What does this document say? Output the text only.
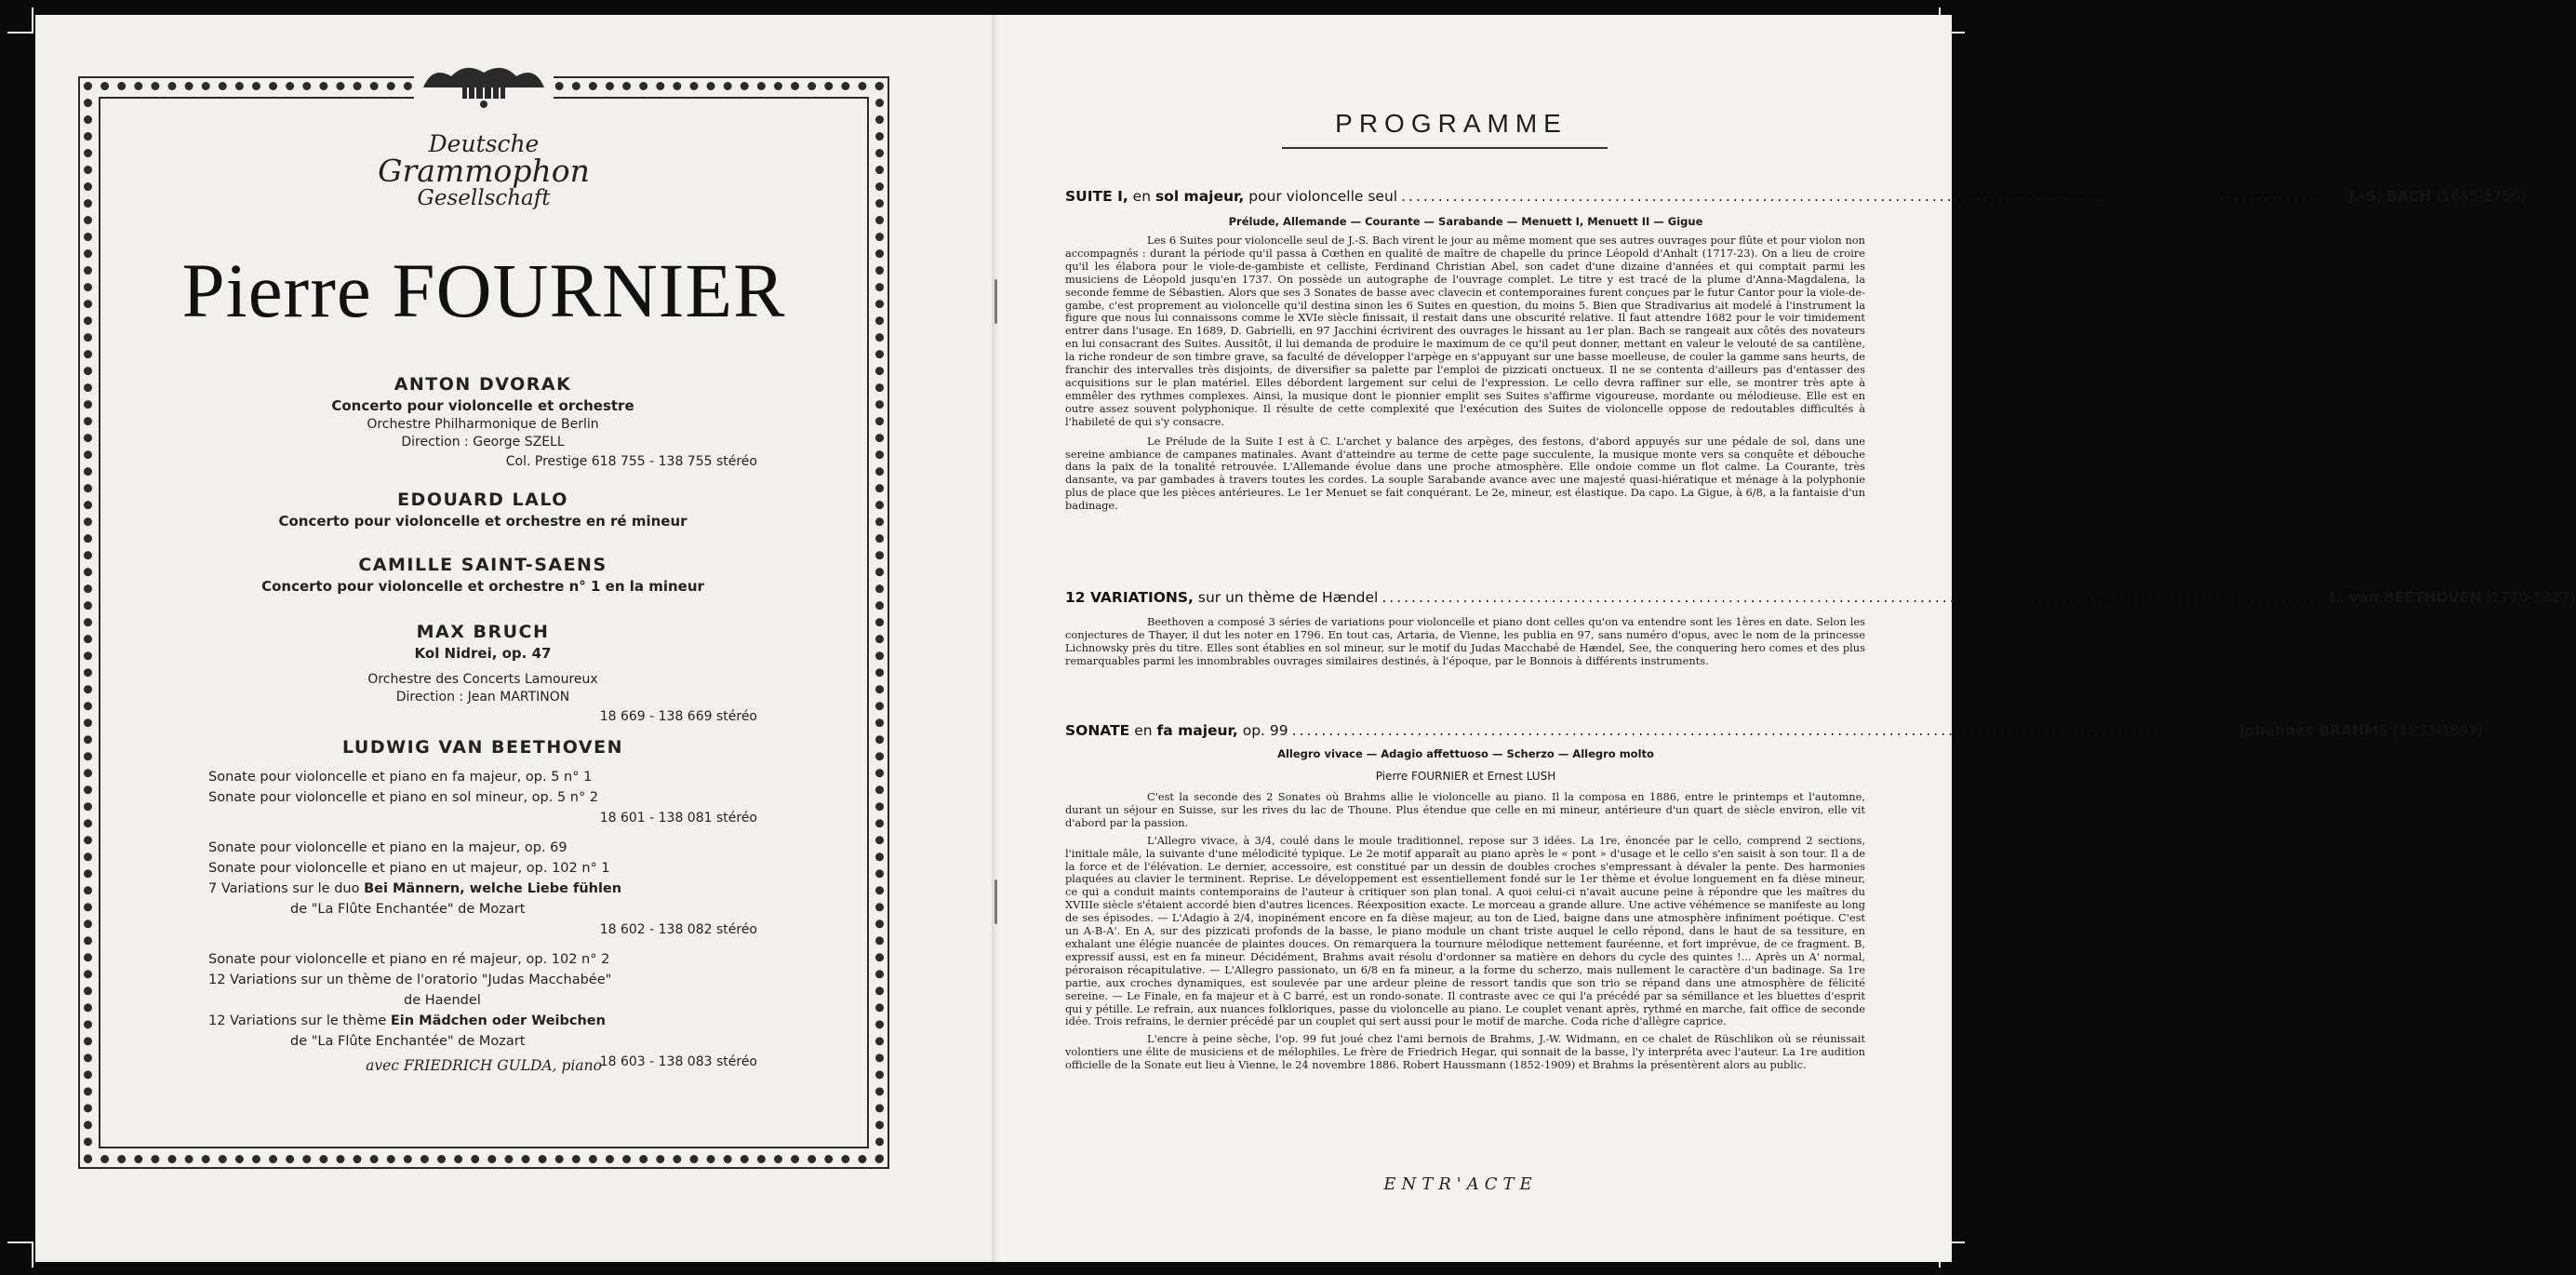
Deutsche
Grammophon
Gesellschaft
Pierre FOURNIER
ANTON DVORAK
Concerto pour violoncelle et orchestre
Orchestre Philharmonique de Berlin
Direction : George SZELL
Col. Prestige 618 755 - 138 755 stéréo
EDOUARD LALO
Concerto pour violoncelle et orchestre en ré mineur
CAMILLE SAINT-SAENS
Concerto pour violoncelle et orchestre n° 1 en la mineur
MAX BRUCH
Kol Nidrei, op. 47
Orchestre des Concerts Lamoureux
Direction : Jean MARTINON
18 669 - 138 669 stéréo
LUDWIG VAN BEETHOVEN
Sonate pour violoncelle et piano en fa majeur, op. 5 n° 1
Sonate pour violoncelle et piano en sol mineur, op. 5 n° 2
18 601 - 138 081 stéréo
Sonate pour violoncelle et piano en la majeur, op. 69
Sonate pour violoncelle et piano en ut majeur, op. 102 n° 1
7 Variations sur le duo Bei Männern, welche Liebe fühlen
de "La Flûte Enchantée" de Mozart
18 602 - 138 082 stéréo
Sonate pour violoncelle et piano en ré majeur, op. 102 n° 2
12 Variations sur un thème de l'oratorio "Judas Macchabée"
de Haendel
12 Variations sur le thème Ein Mädchen oder Weibchen
de "La Flûte Enchantée" de Mozart
18 603 - 138 083 stéréo
avec FRIEDRICH GULDA, piano
PROGRAMME
SUITE I, en sol majeur, pour violoncelle seul ................................................................................................................................ J.-S. BACH (1685-1750)
Prélude, Allemande — Courante — Sarabande — Menuett I, Menuett II — Gigue

Les 6 Suites pour violoncelle seul de J.-S. Bach virent le jour au même moment que ses autres ouvrages pour flûte et pour violon non accompagnés : durant la période qu'il passa à Cœthen en qualité de maître de chapelle du prince Léopold d'Anhalt (1717-23). On a lieu de croire qu'il les élabora pour le viole-de-gambiste et celliste, Ferdinand Christian Abel, son cadet d'une dizaine d'années et qui comptait parmi les musiciens de Léopold jusqu'en 1737. On possède un autographe de l'ouvrage complet. Le titre y est tracé de la plume d'Anna-Magdalena, la seconde femme de Sébastien. Alors que ses 3 Sonates de basse avec clavecin et contemporaines furent conçues par le futur Cantor pour la viole-de-gambe, c'est proprement au violoncelle qu'il destina sinon les 6 Suites en question, du moins 5. Bien que Stradivarius ait modelé à l'instrument la figure que nous lui connaissons comme le XVIe siècle finissait, il restait dans une obscurité relative. Il faut attendre 1682 pour le voir timidement entrer dans l'usage. En 1689, D. Gabrielli, en 97 Jacchini écrivirent des ouvrages le hissant au 1er plan. Bach se rangeait aux côtés des novateurs en lui consacrant des Suites. Aussitôt, il lui demanda de produire le maximum de ce qu'il peut donner, mettant en valeur le velouté de sa cantilène, la riche rondeur de son timbre grave, sa faculté de développer l'arpège en s'appuyant sur une basse moelleuse, de couler la gamme sans heurts, de franchir des intervalles très disjoints, de diversifier sa palette par l'emploi de pizzicati onctueux. Il ne se contenta d'ailleurs pas d'entasser des acquisitions sur le plan matériel. Elles débordent largement sur celui de l'expression. Le cello devra raffiner sur elle, se montrer très apte à emmêler des rythmes complexes. Ainsi, la musique dont le pionnier emplit ses Suites s'affirme vigoureuse, mordante ou mélodieuse. Elle est en outre assez souvent polyphonique. Il résulte de cette complexité que l'exécution des Suites de violoncelle oppose de redoutables difficultés à l'habileté de qui s'y consacre.

Le Prélude de la Suite I est à C. L'archet y balance des arpèges, des festons, d'abord appuyés sur une pédale de sol, dans une sereine ambiance de campanes matinales. Avant d'atteindre au terme de cette page succulente, la musique monte vers sa conquête et débouche dans la paix de la tonalité retrouvée. L'Allemande évolue dans une proche atmosphère. Elle ondoie comme un flot calme. La Courante, très dansante, va par gambades à travers toutes les cordes. La souple Sarabande avance avec une majesté quasi-hiératique et ménage à la polyphonie plus de place que les pièces antérieures. Le 1er Menuet se fait conquérant. Le 2e, mineur, est élastique. Da capo. La Gigue, à 6/8, a la fantaisie d'un badinage.

12 VARIATIONS, sur un thème de Hændel ................................................................................................................................ L. van BEETHOVEN (1770-1827)

Beethoven a composé 3 séries de variations pour violoncelle et piano dont celles qu'on va entendre sont les 1ères en date. Selon les conjectures de Thayer, il dut les noter en 1796. En tout cas, Artaria, de Vienne, les publia en 97, sans numéro d'opus, avec le nom de la princesse Lichnowsky près du titre. Elles sont établies en sol mineur, sur le motif du Judas Macchabé de Hændel, See, the conquering hero comes et des plus remarquables parmi les innombrables ouvrages similaires destinés, à l'époque, par le Bonnois à différents instruments.

SONATE en fa majeur, op. 99 ................................................................................................................................ Johannès BRAHMS (1833-1897)
Allegro vivace — Adagio affettuoso — Scherzo — Allegro molto
Pierre FOURNIER et Ernest LUSH

C'est la seconde des 2 Sonates où Brahms allie le violoncelle au piano. Il la composa en 1886, entre le printemps et l'automne, durant un séjour en Suisse, sur les rives du lac de Thoune. Plus étendue que celle en mi mineur, antérieure d'un quart de siècle environ, elle vit d'abord par la passion.

L'Allegro vivace, à 3/4, coulé dans le moule traditionnel, repose sur 3 idées. La 1re, énoncée par le cello, comprend 2 sections, l'initiale mâle, la suivante d'une mélodicité typique. Le 2e motif apparaît au piano après le « pont » d'usage et le cello s'en saisit à son tour. Il a de la force et de l'élévation. Le dernier, accessoire, est constitué par un dessin de doubles croches s'empressant à dévaler la pente. Des harmonies plaquées au clavier le terminent. Reprise. Le développement est essentiellement fondé sur le 1er thème et évolue longuement en fa dièse mineur, ce qui a conduit maints contemporains de l'auteur à critiquer son plan tonal. A quoi celui-ci n'avait aucune peine à répondre que les maîtres du XVIIIe siècle s'étaient accordé bien d'autres licences. Réexposition exacte. Le morceau a grande allure. Une active véhémence se manifeste au long de ses épisodes. — L'Adagio à 2/4, inopinément encore en fa dièse majeur, au ton de Lied, baigne dans une atmosphère infiniment poétique. C'est un A-B-A'. En A, sur des pizzicati profonds de la basse, le piano module un chant triste auquel le cello répond, dans le haut de sa tessiture, en exhalant une élégie nuancée de plaintes douces. On remarquera la tournure mélodique nettement fauréenne, et fort imprévue, de ce fragment. B, expressif aussi, est en fa mineur. Décidément, Brahms avait résolu d'ordonner sa matière en dehors du cycle des quintes !... Après un A' normal, péroraison récapitulative. — L'Allegro passionato, un 6/8 en fa mineur, a la forme du scherzo, mais nullement le caractère d'un badinage. Sa 1re partie, aux croches dynamiques, est soulevée par une ardeur pleine de ressort tandis que son trio se répand dans une atmosphère de félicité sereine. — Le Finale, en fa majeur et à C barré, est un rondo-sonate. Il contraste avec ce qui l'a précédé par sa sémillance et les bluettes d'esprit qui y pétille. Le refrain, aux nuances folkloriques, passe du violoncelle au piano. Le couplet venant après, rythmé en marche, fait office de seconde idée. Trois refrains, le dernier précédé par un couplet qui sert aussi pour le motif de marche. Coda riche d'allègre caprice.

L'encre à peine sèche, l'op. 99 fut joué chez l'ami bernois de Brahms, J.-W. Widmann, en ce chalet de Rüschlikon où se réunissait volontiers une élite de musiciens et de mélophiles. Le frère de Friedrich Hegar, qui sonnait de la basse, l'y interpréta avec l'auteur. La 1re audition officielle de la Sonate eut lieu à Vienne, le 24 novembre 1886. Robert Haussmann (1852-1909) et Brahms la présentèrent alors au public.

ENTR'ACTE
